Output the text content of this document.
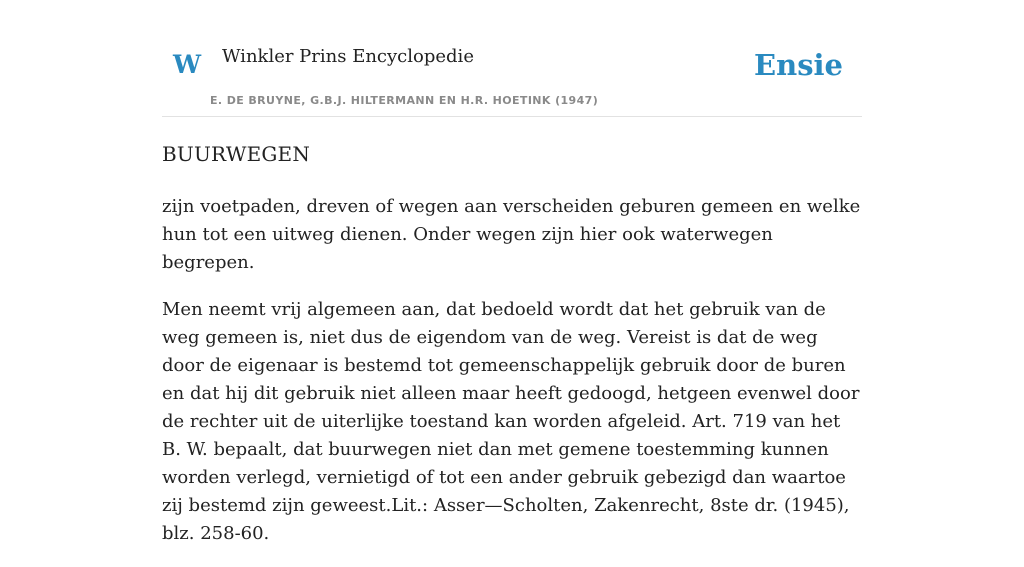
W Winkler Prins Encyclopedie
E. DE BRUYNE, G.B.J. HILTERMANN EN H.R. HOETINK (1947)
Ensie
BUURWEGEN

zijn voetpaden, dreven of wegen aan verscheiden geburen gemeen en welke hun tot een uitweg dienen. Onder wegen zijn hier ook waterwegen begrepen.

Men neemt vrij algemeen aan, dat bedoeld wordt dat het gebruik van de weg gemeen is, niet dus de eigendom van de weg. Vereist is dat de weg door de eigenaar is bestemd tot gemeenschappelijk gebruik door de buren en dat hij dit gebruik niet alleen maar heeft gedoogd, hetgeen evenwel door de rechter uit de uiterlijke toestand kan worden afgeleid. Art. 719 van het B. W. bepaalt, dat buurwegen niet dan met gemene toestemming kunnen worden verlegd, vernietigd of tot een ander gebruik gebezigd dan waartoe zij bestemd zijn geweest.Lit.: Asser—Scholten, Zakenrecht, 8ste dr. (1945), blz. 258-60.
